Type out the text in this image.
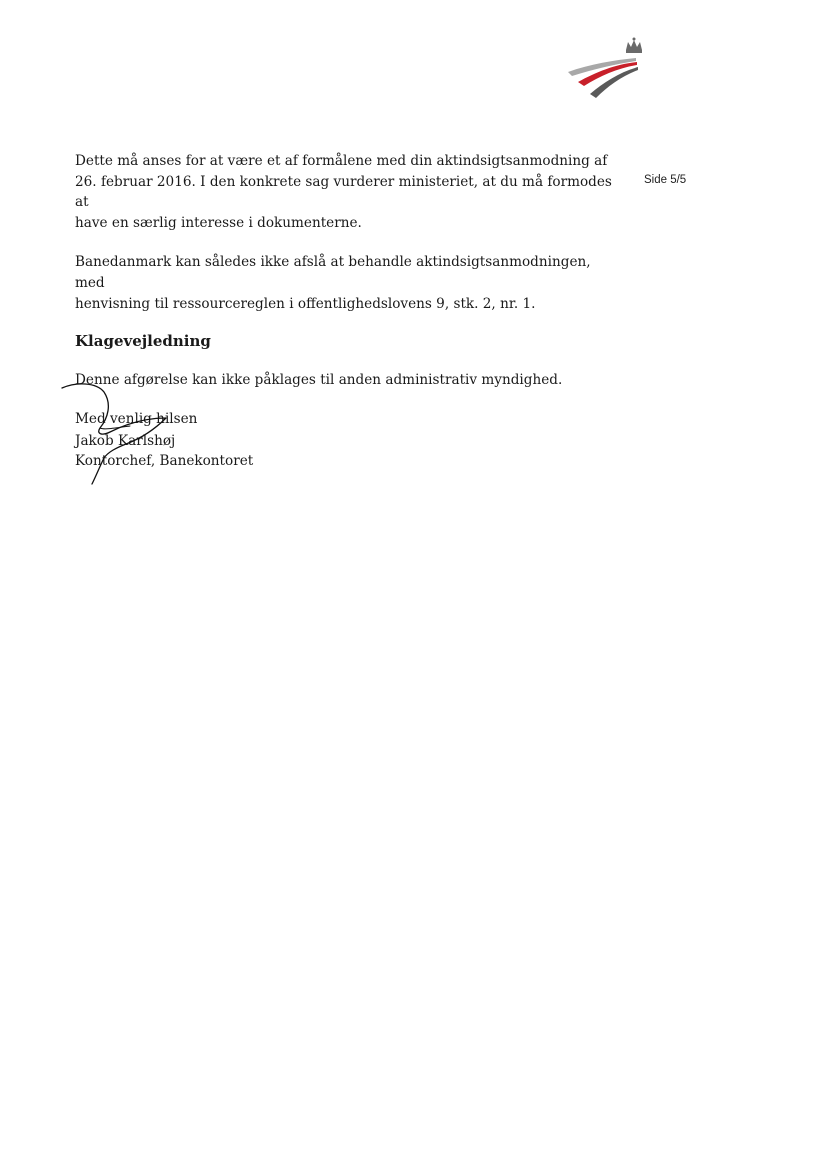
Side 5/5

Dette må anses for at være et af formålene med din aktindsigtsanmodning af
26. februar 2016. I den konkrete sag vurderer ministeriet, at du må formodes at
have en særlig interesse i dokumenterne.

Banedanmark kan således ikke afslå at behandle aktindsigtsanmodningen, med
henvisning til ressourcereglen i offentlighedslovens 9, stk. 2, nr. 1.

Klagevejledning

Denne afgørelse kan ikke påklages til anden administrativ myndighed.

Med venlig hilsen

Jakob Karlshøj
Kontorchef, Banekontoret
